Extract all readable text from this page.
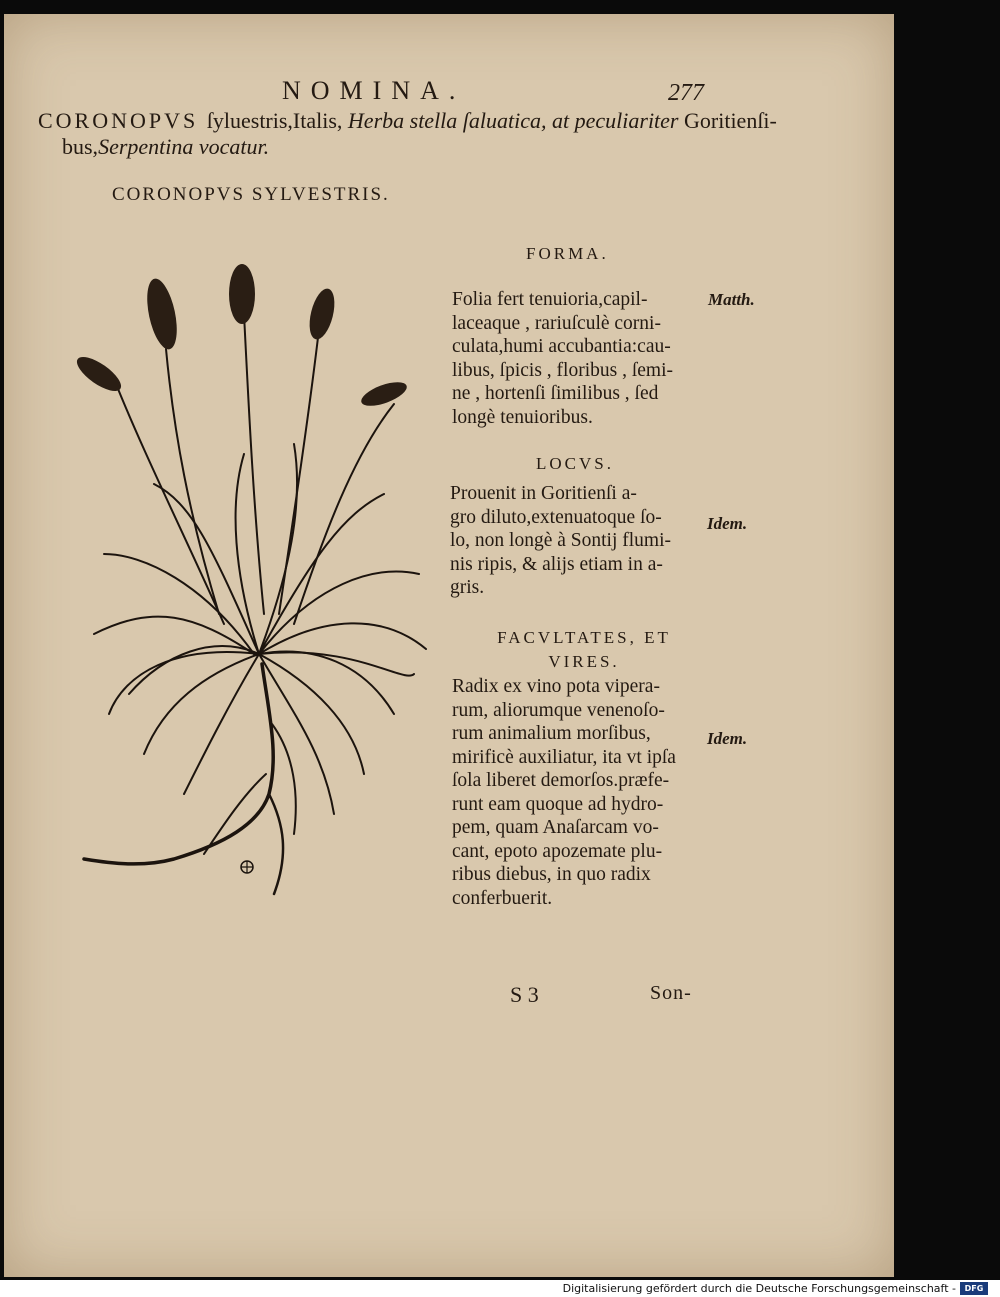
NOMINA.	277
CORONOPVS ſyluestris,Italis, Herba stella ſaluatica, at peculiariter Goritienſi-
bus,Serpentina vocatur.
CORONOPVS SYLVESTRIS.
FORMA.
Folia fert tenuioria,capil-
laceaque , rariuſculè corni-
culata,humi accubantia:cau-
libus, ſpicis , floribus , ſemi-
ne , hortenſi ſimilibus , ſed
longè tenuioribus.
LOCVS.
Prouenit in Goritienſi a-
gro diluto,extenuatoque ſo-
lo, non longè à Sontij flumi-
nis ripis, & alijs etiam in a-
gris.
FACVLTATES, ET VIRES.
Radix ex vino pota vipera-
rum, aliorumque venenoſo-
rum animalium morſibus,
mirificè auxiliatur, ita vt ipſa
ſola liberet demorſos.præfe-
runt eam quoque ad hydro-
pem, quam Anaſarcam vo-
cant, epoto apozemate plu-
ribus diebus, in quo radix
conferbuerit.
Matth.
Idem.
Idem.
S 3	Son-
Digitalisierung gefördert durch die Deutsche Forschungsgemeinschaft -	DFG
